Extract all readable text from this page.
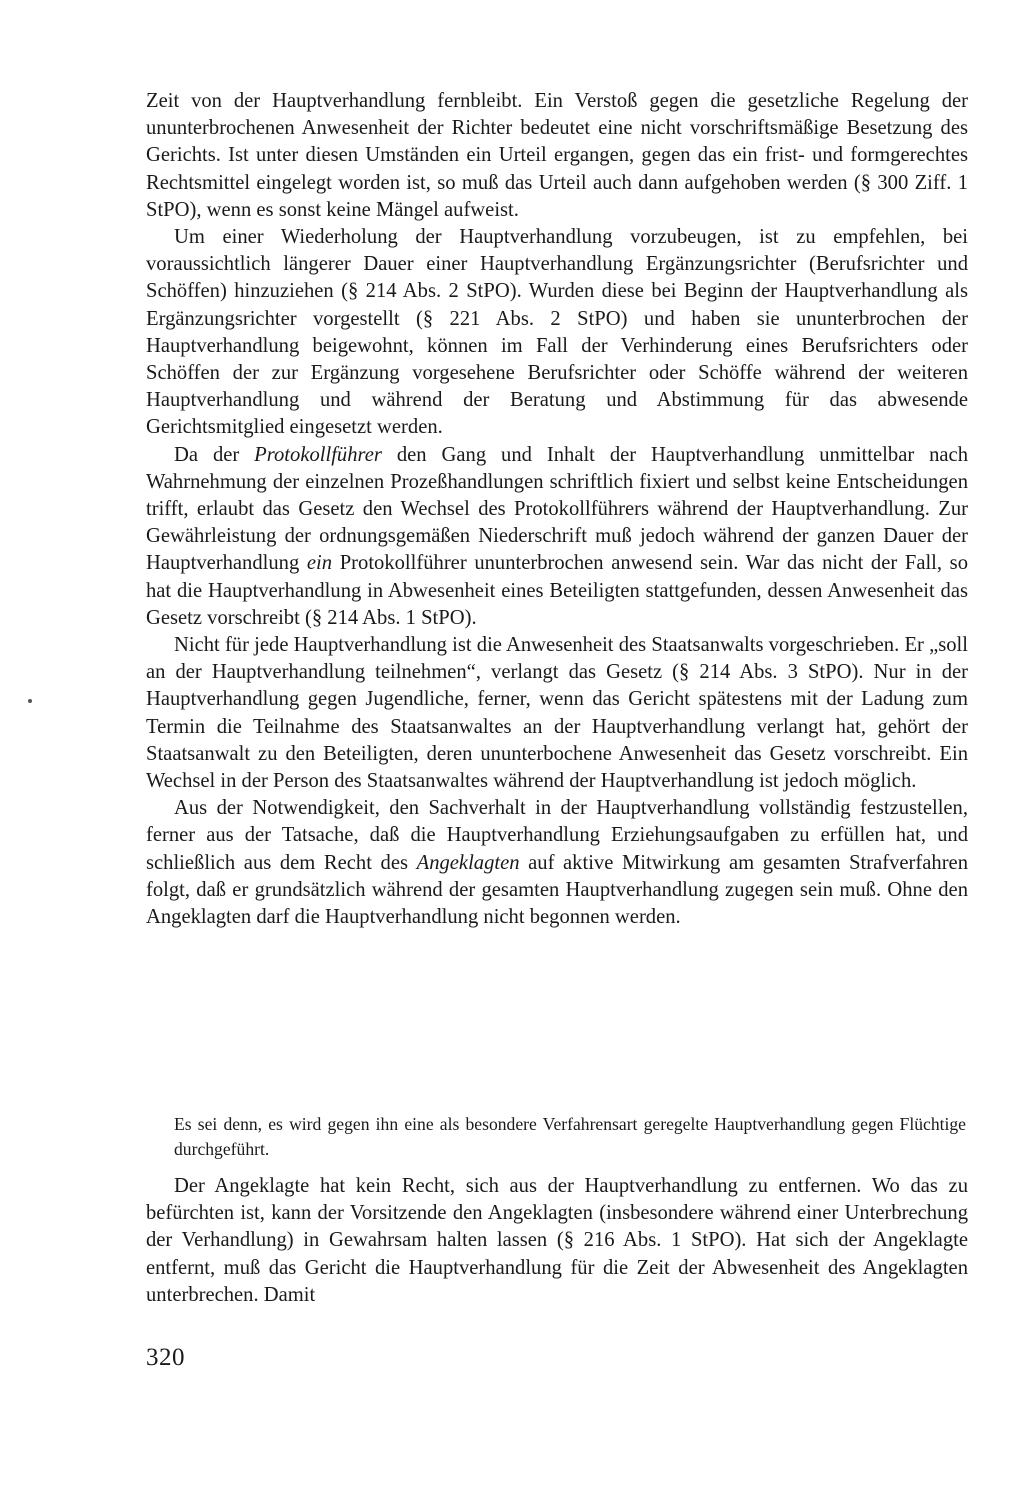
Zeit von der Hauptverhandlung fernbleibt. Ein Verstoß gegen die gesetzliche Regelung der ununterbrochenen Anwesenheit der Richter bedeutet eine nicht vorschriftsmäßige Besetzung des Gerichts. Ist unter diesen Umständen ein Urteil ergangen, gegen das ein frist- und formgerechtes Rechtsmittel eingelegt worden ist, so muß das Urteil auch dann aufgehoben werden (§ 300 Ziff. 1 StPO), wenn es sonst keine Mängel aufweist.

Um einer Wiederholung der Hauptverhandlung vorzubeugen, ist zu empfehlen, bei voraussichtlich längerer Dauer einer Hauptverhandlung Ergänzungsrichter (Berufsrichter und Schöffen) hinzuziehen (§ 214 Abs. 2 StPO). Wurden diese bei Beginn der Hauptverhandlung als Ergänzungsrichter vorgestellt (§ 221 Abs. 2 StPO) und haben sie ununterbrochen der Hauptverhandlung beigewohnt, können im Fall der Verhinderung eines Berufsrichters oder Schöffen der zur Ergänzung vorgesehene Berufsrichter oder Schöffe während der weiteren Hauptverhandlung und während der Beratung und Abstimmung für das abwesende Gerichtsmitglied eingesetzt werden.

Da der Protokollführer den Gang und Inhalt der Hauptverhandlung unmittelbar nach Wahrnehmung der einzelnen Prozeßhandlungen schriftlich fixiert und selbst keine Entscheidungen trifft, erlaubt das Gesetz den Wechsel des Protokollführers während der Hauptverhandlung. Zur Gewährleistung der ordnungsgemäßen Niederschrift muß jedoch während der ganzen Dauer der Hauptverhandlung ein Protokollführer ununterbrochen anwesend sein. War das nicht der Fall, so hat die Hauptverhandlung in Abwesenheit eines Beteiligten stattgefunden, dessen Anwesenheit das Gesetz vorschreibt (§ 214 Abs. 1 StPO).

Nicht für jede Hauptverhandlung ist die Anwesenheit des Staatsanwalts vorgeschrieben. Er „soll an der Hauptverhandlung teilnehmen“, verlangt das Gesetz (§ 214 Abs. 3 StPO). Nur in der Hauptverhandlung gegen Jugendliche, ferner, wenn das Gericht spätestens mit der Ladung zum Termin die Teilnahme des Staatsanwaltes an der Hauptverhandlung verlangt hat, gehört der Staatsanwalt zu den Beteiligten, deren ununterbochene Anwesenheit das Gesetz vorschreibt. Ein Wechsel in der Person des Staatsanwaltes während der Hauptverhandlung ist jedoch möglich.

Aus der Notwendigkeit, den Sachverhalt in der Hauptverhandlung vollständig festzustellen, ferner aus der Tatsache, daß die Hauptverhandlung Erziehungsaufgaben zu erfüllen hat, und schließlich aus dem Recht des Angeklagten auf aktive Mitwirkung am gesamten Strafverfahren folgt, daß er grundsätzlich während der gesamten Hauptverhandlung zugegen sein muß. Ohne den Angeklagten darf die Hauptverhandlung nicht begonnen werden.

Es sei denn, es wird gegen ihn eine als besondere Verfahrensart geregelte Hauptverhandlung gegen Flüchtige durchgeführt.

Der Angeklagte hat kein Recht, sich aus der Hauptverhandlung zu entfernen. Wo das zu befürchten ist, kann der Vorsitzende den Angeklagten (insbesondere während einer Unterbrechung der Verhandlung) in Gewahrsam halten lassen (§ 216 Abs. 1 StPO). Hat sich der Angeklagte entfernt, muß das Gericht die Hauptverhandlung für die Zeit der Abwesenheit des Angeklagten unterbrechen. Damit

320
